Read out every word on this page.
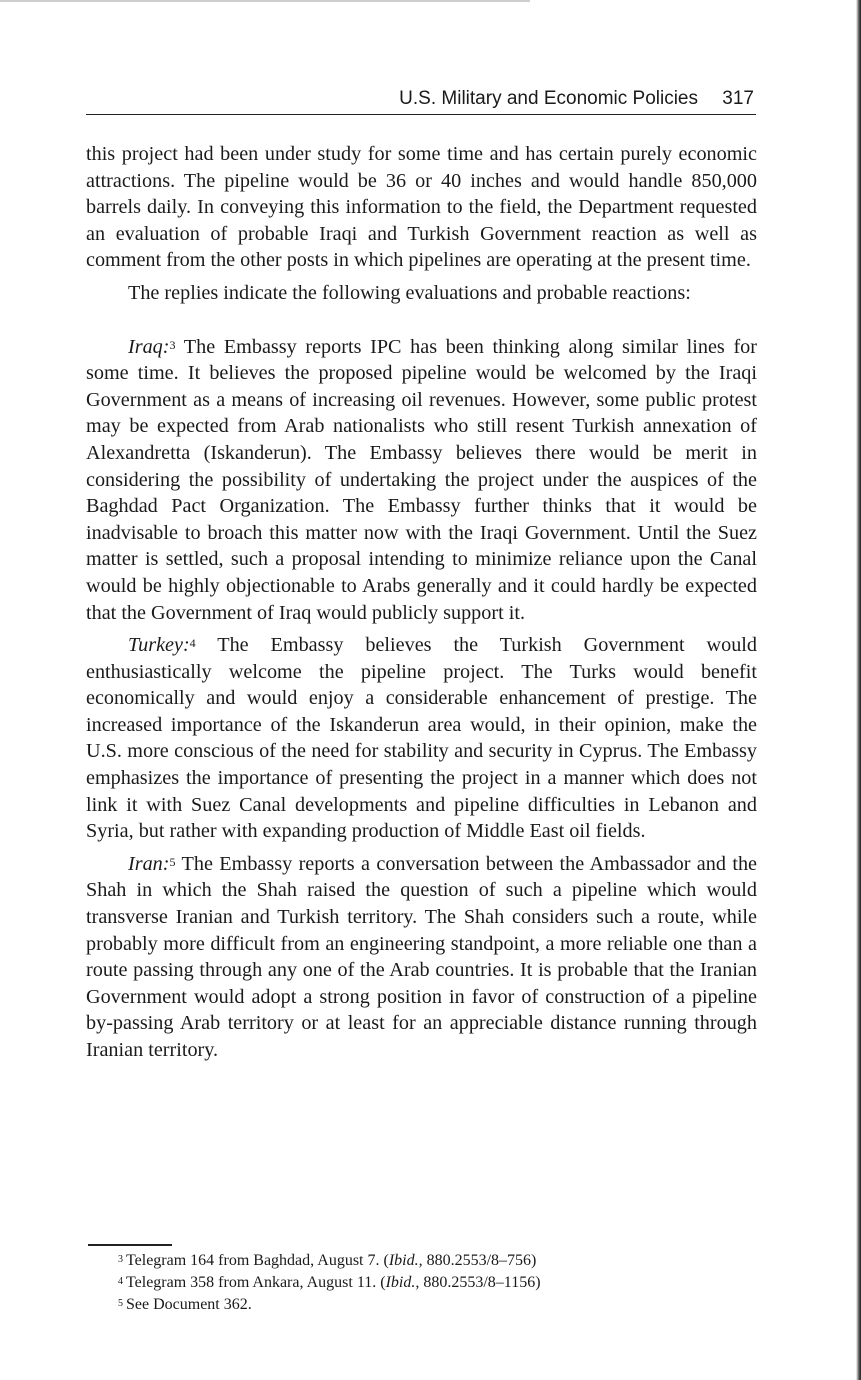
U.S. Military and Economic Policies 317

this project had been under study for some time and has certain purely economic attractions. The pipeline would be 36 or 40 inches and would handle 850,000 barrels daily. In conveying this information to the field, the Department requested an evaluation of probable Iraqi and Turkish Government reaction as well as comment from the other posts in which pipelines are operating at the present time.

The replies indicate the following evaluations and probable reactions:

Iraq:$^3$ The Embassy reports IPC has been thinking along similar lines for some time. It believes the proposed pipeline would be welcomed by the Iraqi Government as a means of increasing oil revenues. However, some public protest may be expected from Arab nationalists who still resent Turkish annexation of Alexandretta (Iskanderun). The Embassy believes there would be merit in considering the possibility of undertaking the project under the auspices of the Baghdad Pact Organization. The Embassy further thinks that it would be inadvisable to broach this matter now with the Iraqi Government. Until the Suez matter is settled, such a proposal intending to minimize reliance upon the Canal would be highly objectionable to Arabs generally and it could hardly be expected that the Government of Iraq would publicly support it.

Turkey:$^4$ The Embassy believes the Turkish Government would enthusiastically welcome the pipeline project. The Turks would benefit economically and would enjoy a considerable enhancement of prestige. The increased importance of the Iskanderun area would, in their opinion, make the U.S. more conscious of the need for stability and security in Cyprus. The Embassy emphasizes the importance of presenting the project in a manner which does not link it with Suez Canal developments and pipeline difficulties in Lebanon and Syria, but rather with expanding production of Middle East oil fields.

Iran:$^5$ The Embassy reports a conversation between the Ambassador and the Shah in which the Shah raised the question of such a pipeline which would transverse Iranian and Turkish territory. The Shah considers such a route, while probably more difficult from an engineering standpoint, a more reliable one than a route passing through any one of the Arab countries. It is probable that the Iranian Government would adopt a strong position in favor of construction of a pipeline by-passing Arab territory or at least for an appreciable distance running through Iranian territory.

$^3$ Telegram 164 from Baghdad, August 7. (Ibid., 880.2553/8–756)
$^4$ Telegram 358 from Ankara, August 11. (Ibid., 880.2553/8–1156)
$^5$ See Document 362.
